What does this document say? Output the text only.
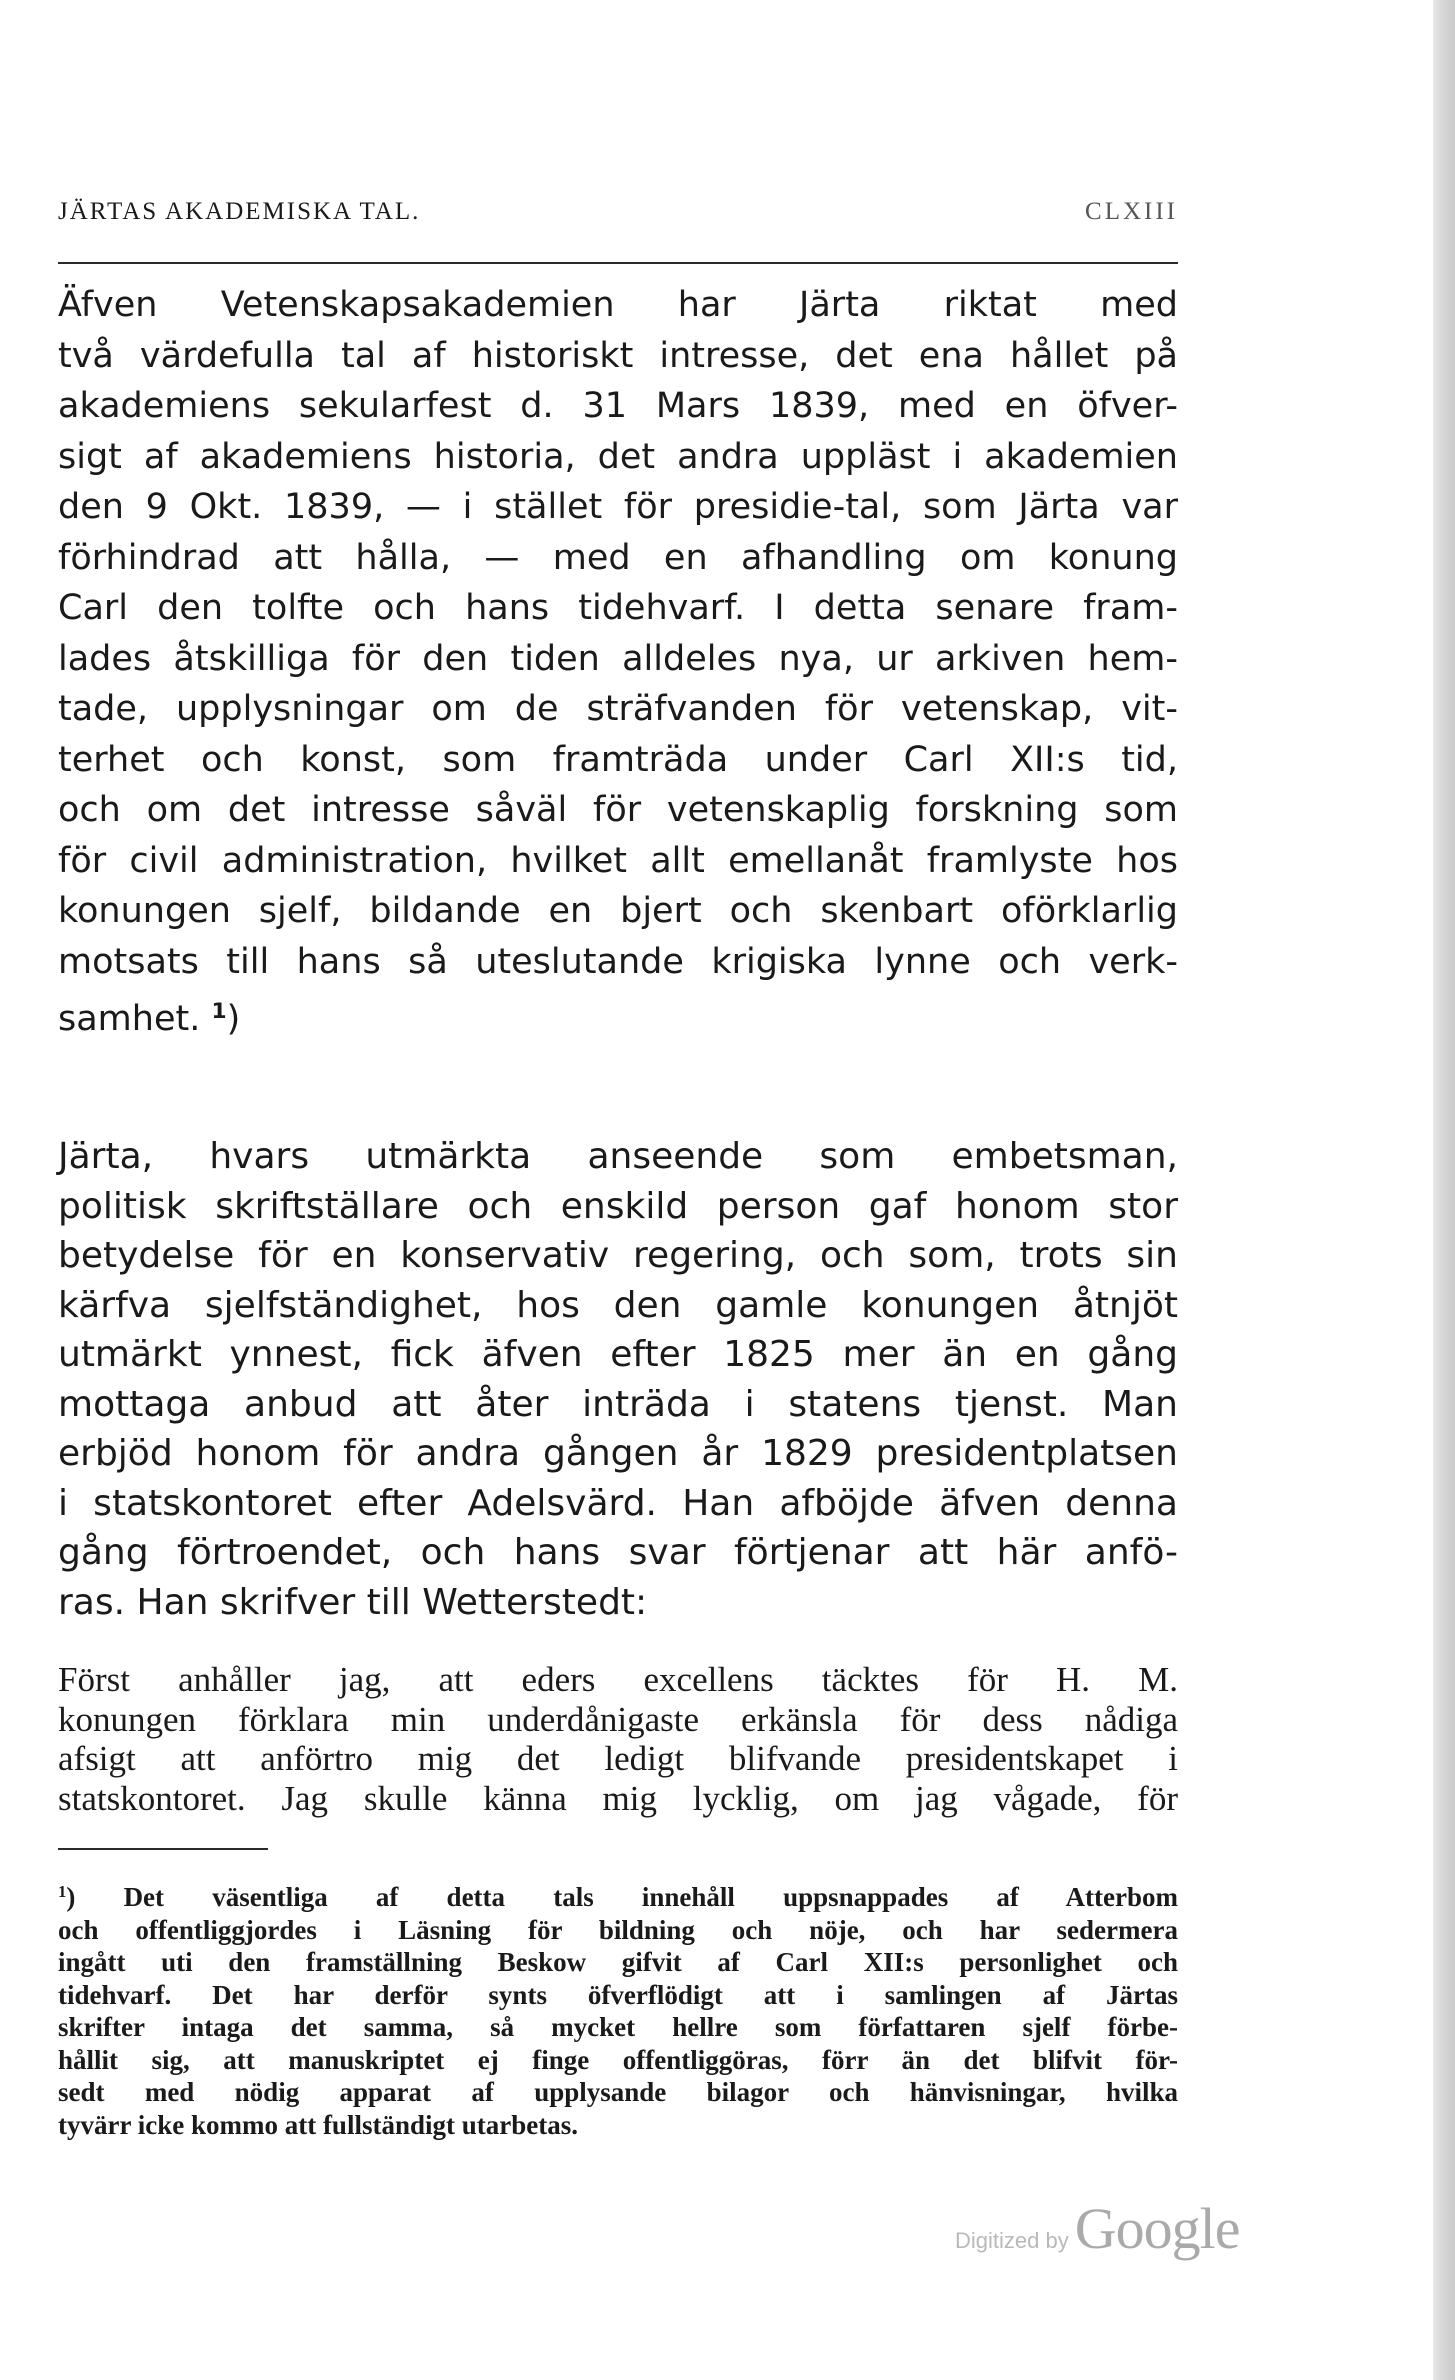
JÄRTAS AKADEMISKA TAL.	CLXIII
Äfven Vetenskapsakademien har Järta riktat med
två värdefulla tal af historiskt intresse, det ena hållet på
akademiens sekularfest d. 31 Mars 1839, med en öfver-
sigt af akademiens historia, det andra uppläst i akademien
den 9 Okt. 1839, — i stället för presidie-tal, som Järta var
förhindrad att hålla, — med en afhandling om konung
Carl den tolfte och hans tidehvarf. I detta senare fram-
lades åtskilliga för den tiden alldeles nya, ur arkiven hem-
tade, upplysningar om de sträfvanden för vetenskap, vit-
terhet och konst, som framträda under Carl XII:s tid,
och om det intresse såväl för vetenskaplig forskning som
för civil administration, hvilket allt emellanåt framlyste hos
konungen sjelf, bildande en bjert och skenbart oförklarlig
motsats till hans så uteslutande krigiska lynne och verk-
samhet. $^1$)
Järta, hvars utmärkta anseende som embetsman,
politisk skriftställare och enskild person gaf honom stor
betydelse för en konservativ regering, och som, trots sin
kärfva sjelfständighet, hos den gamle konungen åtnjöt
utmärkt ynnest, fick äfven efter 1825 mer än en gång
mottaga anbud att åter inträda i statens tjenst. Man
erbjöd honom för andra gången år 1829 presidentplatsen
i statskontoret efter Adelsvärd. Han afböjde äfven denna
gång förtroendet, och hans svar förtjenar att här anfö-
ras. Han skrifver till Wetterstedt:
Först anhåller jag, att eders excellens täcktes för H. M.
konungen förklara min underdånigaste erkänsla för dess nådiga
afsigt att anförtro mig det ledigt blifvande presidentskapet i
statskontoret. Jag skulle känna mig lycklig, om jag vågade, för
$^1$) Det väsentliga af detta tals innehåll uppsnappades af Atterbom
och offentliggjordes i Läsning för bildning och nöje, och har sedermera
ingått uti den framställning Beskow gifvit af Carl XII:s personlighet och
tidehvarf. Det har derför synts öfverflödigt att i samlingen af Järtas
skrifter intaga det samma, så mycket hellre som författaren sjelf förbe-
hållit sig, att manuskriptet ej finge offentliggöras, förr än det blifvit för-
sedt med nödig apparat af upplysande bilagor och hänvisningar, hvilka
tyvärr icke kommo att fullständigt utarbetas.
Digitized by Google
